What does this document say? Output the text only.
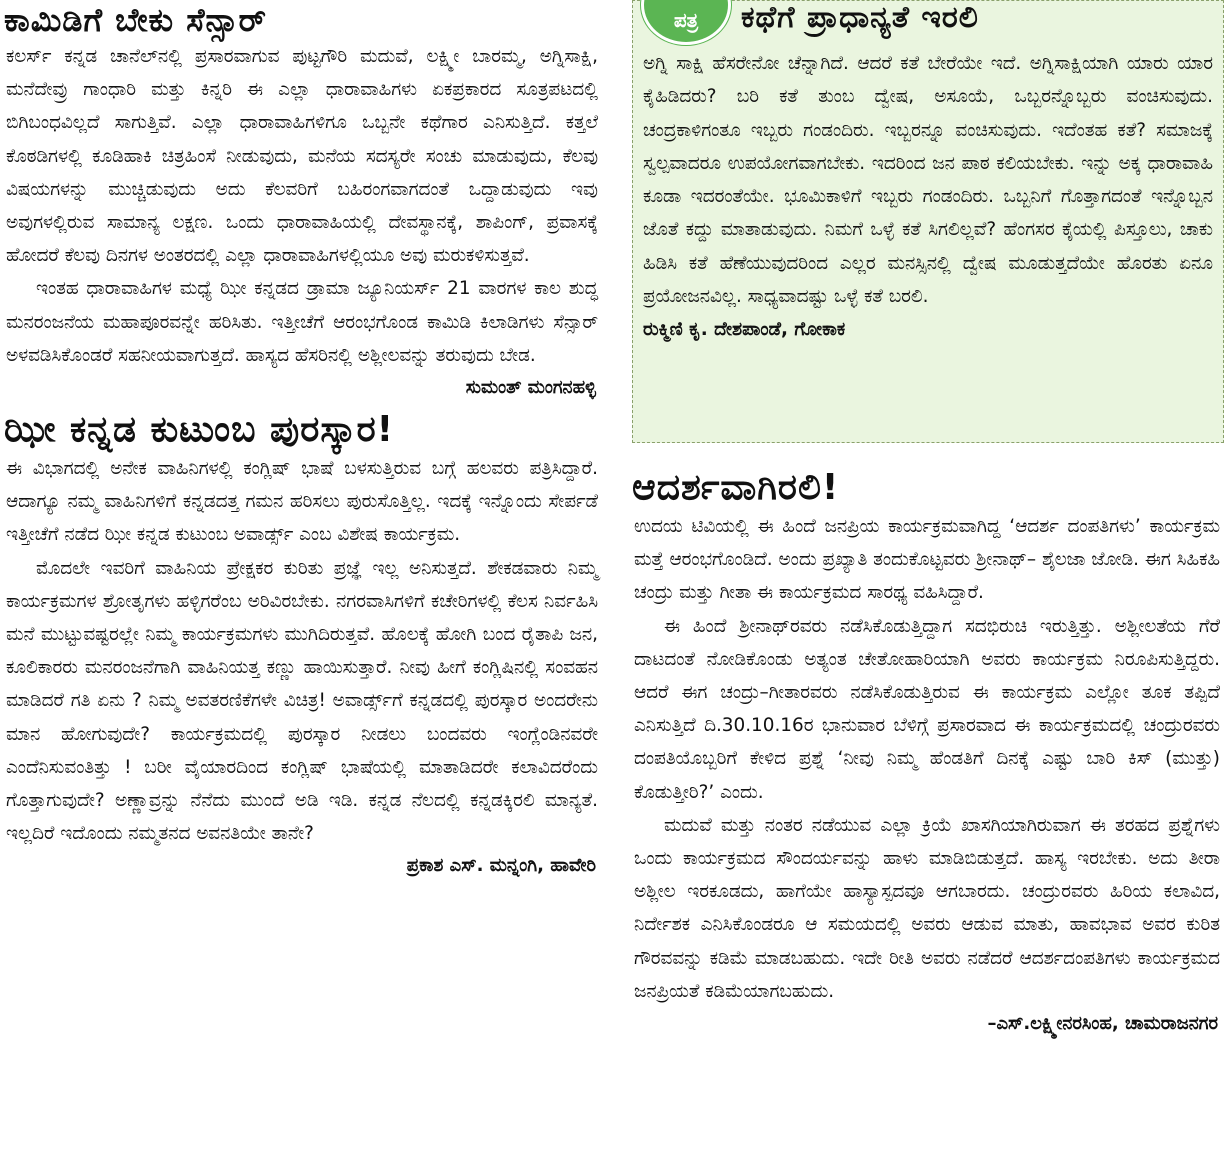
ಕಾಮಿಡಿಗೆ ಬೇಕು ಸೆನ್ಸಾರ್

ಕಲರ್ಸ್ ಕನ್ನಡ ಚಾನೆಲ್‌ನಲ್ಲಿ ಪ್ರಸಾರವಾಗುವ ಪುಟ್ಟಗೌರಿ ಮದುವೆ, ಲಕ್ಷ್ಮೀ ಬಾರಮ್ಮ, ಅಗ್ನಿಸಾಕ್ಷಿ, ಮನೆದೇವ್ರು ಗಾಂಧಾರಿ ಮತ್ತು ಕಿನ್ನರಿ ಈ ಎಲ್ಲಾ ಧಾರಾವಾಹಿಗಳು ಏಕಪ್ರಕಾರದ ಸೂತ್ರಪಟದಲ್ಲಿ ಬಿಗಿಬಂಧವಿಲ್ಲದೆ ಸಾಗುತ್ತಿವೆ. ಎಲ್ಲಾ ಧಾರಾವಾಹಿಗಳಿಗೂ ಒಬ್ಬನೇ ಕಥೆಗಾರ ಎನಿಸುತ್ತಿದೆ. ಕತ್ತಲೆ ಕೊಠಡಿಗಳಲ್ಲಿ ಕೂಡಿಹಾಕಿ ಚಿತ್ರಹಿಂಸೆ ನೀಡುವುದು, ಮನೆಯ ಸದಸ್ಯರೇ ಸಂಚು ಮಾಡುವುದು, ಕೆಲವು ವಿಷಯಗಳನ್ನು ಮುಚ್ಚಿಡುವುದು ಅದು ಕೆಲವರಿಗೆ ಬಹಿರಂಗವಾಗದಂತೆ ಒದ್ದಾಡುವುದು ಇವು ಅವುಗಳಲ್ಲಿರುವ ಸಾಮಾನ್ಯ ಲಕ್ಷಣ. ಒಂದು ಧಾರಾವಾಹಿಯಲ್ಲಿ ದೇವಸ್ಥಾನಕ್ಕೆ, ಶಾಪಿಂಗ್, ಪ್ರವಾಸಕ್ಕೆ ಹೋದರೆ ಕೆಲವು ದಿನಗಳ ಅಂತರದಲ್ಲಿ ಎಲ್ಲಾ ಧಾರಾವಾಹಿಗಳಲ್ಲಿಯೂ ಅವು ಮರುಕಳಿಸುತ್ತವೆ.

ಇಂತಹ ಧಾರಾವಾಹಿಗಳ ಮಧ್ಯೆ ಝೀ ಕನ್ನಡದ ಡ್ರಾಮಾ ಜ್ಯೂನಿಯರ್ಸ್ 21 ವಾರಗಳ ಕಾಲ ಶುದ್ಧ ಮನರಂಜನೆಯ ಮಹಾಪೂರವನ್ನೇ ಹರಿಸಿತು. ಇತ್ತೀಚೆಗೆ ಆರಂಭಗೊಂಡ ಕಾಮಿಡಿ ಕಿಲಾಡಿಗಳು ಸೆನ್ಸಾರ್ ಅಳವಡಿಸಿಕೊಂಡರೆ ಸಹನೀಯವಾಗುತ್ತದೆ. ಹಾಸ್ಯದ ಹೆಸರಿನಲ್ಲಿ ಅಶ್ಲೀಲವನ್ನು ತರುವುದು ಬೇಡ.

ಸುಮಂತ್ ಮಂಗನಹಳ್ಳಿ

ಝೀ ಕನ್ನಡ ಕುಟುಂಬ ಪುರಸ್ಕಾರ!

ಈ ವಿಭಾಗದಲ್ಲಿ ಅನೇಕ ವಾಹಿನಿಗಳಲ್ಲಿ ಕಂಗ್ಲಿಷ್ ಭಾಷೆ ಬಳಸುತ್ತಿರುವ ಬಗ್ಗೆ ಹಲವರು ಪತ್ರಿಸಿದ್ದಾರೆ. ಆದಾಗ್ಯೂ ನಮ್ಮ ವಾಹಿನಿಗಳಿಗೆ ಕನ್ನಡದತ್ತ ಗಮನ ಹರಿಸಲು ಪುರುಸೊತ್ತಿಲ್ಲ. ಇದಕ್ಕೆ ಇನ್ನೊಂದು ಸೇರ್ಪಡೆ ಇತ್ತೀಚೆಗೆ ನಡೆದ ಝೀ ಕನ್ನಡ ಕುಟುಂಬ ಅವಾರ್ಡ್ಸ್ ಎಂಬ ವಿಶೇಷ ಕಾರ್ಯಕ್ರಮ.

ಮೊದಲೇ ಇವರಿಗೆ ವಾಹಿನಿಯ ಪ್ರೇಕ್ಷಕರ ಕುರಿತು ಪ್ರಜ್ಞೆ ಇಲ್ಲ ಅನಿಸುತ್ತದೆ. ಶೇಕಡವಾರು ನಿಮ್ಮ ಕಾರ್ಯಕ್ರಮಗಳ ಶ್ರೋತೃಗಳು ಹಳ್ಳಿಗರೆಂಬ ಅರಿವಿರಬೇಕು. ನಗರವಾಸಿಗಳಿಗೆ ಕಚೇರಿಗಳಲ್ಲಿ ಕೆಲಸ ನಿರ್ವಹಿಸಿ ಮನೆ ಮುಟ್ಟುವಷ್ಟರಲ್ಲೇ ನಿಮ್ಮ ಕಾರ್ಯಕ್ರಮಗಳು ಮುಗಿದಿರುತ್ತವೆ. ಹೊಲಕ್ಕೆ ಹೋಗಿ ಬಂದ ರೈತಾಪಿ ಜನ, ಕೂಲಿಕಾರರು ಮನರಂಜನೆಗಾಗಿ ವಾಹಿನಿಯತ್ತ ಕಣ್ಣು ಹಾಯಿಸುತ್ತಾರೆ. ನೀವು ಹೀಗೆ ಕಂಗ್ಲಿಷಿನಲ್ಲಿ ಸಂವಹನ ಮಾಡಿದರೆ ಗತಿ ಏನು ? ನಿಮ್ಮ ಅವತರಣಿಕೆಗಳೇ ವಿಚಿತ್ರ! ಅವಾರ್ಡ್ಸ್‌ಗೆ ಕನ್ನಡದಲ್ಲಿ ಪುರಸ್ಕಾರ ಅಂದರೇನು ಮಾನ ಹೋಗುವುದೇ? ಕಾರ್ಯಕ್ರಮದಲ್ಲಿ ಪುರಸ್ಕಾರ ನೀಡಲು ಬಂದವರು ಇಂಗ್ಲೆಂಡಿನವರೇ ಎಂದೆನಿಸುವಂತಿತ್ತು ! ಬರೀ ವೈಯಾರದಿಂದ ಕಂಗ್ಲಿಷ್ ಭಾಷೆಯಲ್ಲಿ ಮಾತಾಡಿದರೇ ಕಲಾವಿದರೆಂದು ಗೊತ್ತಾಗುವುದೇ? ಅಣ್ಣಾವ್ರನ್ನು ನೆನೆದು ಮುಂದೆ ಅಡಿ ಇಡಿ. ಕನ್ನಡ ನೆಲದಲ್ಲಿ ಕನ್ನಡಕ್ಕಿರಲಿ ಮಾನ್ಯತೆ. ಇಲ್ಲದಿರೆ ಇದೊಂದು ನಮ್ಮತನದ ಅವನತಿಯೇ ತಾನೇ?

ಪ್ರಕಾಶ ಎಸ್. ಮನ್ನಂಗಿ, ಹಾವೇರಿ

ಪತ್ರ	ಕಥೆಗೆ ಪ್ರಾಧಾನ್ಯತೆ ಇರಲಿ

ಅಗ್ನಿ ಸಾಕ್ಷಿ ಹೆಸರೇನೋ ಚೆನ್ನಾಗಿದೆ. ಆದರೆ ಕತೆ ಬೇರೆಯೇ ಇದೆ. ಅಗ್ನಿಸಾಕ್ಷಿಯಾಗಿ ಯಾರು ಯಾರ ಕೈಹಿಡಿದರು? ಬರಿ ಕತೆ ತುಂಬ ದ್ವೇಷ, ಅಸೂಯೆ, ಒಬ್ಬರನ್ನೊಬ್ಬರು ವಂಚಿಸುವುದು. ಚಂದ್ರಕಾಳಿಗಂತೂ ಇಬ್ಬರು ಗಂಡಂದಿರು. ಇಬ್ಬರನ್ನೂ ವಂಚಿಸುವುದು. ಇದೆಂತಹ ಕತೆ? ಸಮಾಜಕ್ಕೆ ಸ್ವಲ್ಪವಾದರೂ ಉಪಯೋಗವಾಗಬೇಕು. ಇದರಿಂದ ಜನ ಪಾಠ ಕಲಿಯಬೇಕು. ಇನ್ನು ಅಕ್ಕ ಧಾರಾವಾಹಿ ಕೂಡಾ ಇದರಂತೆಯೇ. ಭೂಮಿಕಾಳಿಗೆ ಇಬ್ಬರು ಗಂಡಂದಿರು. ಒಬ್ಬನಿಗೆ ಗೊತ್ತಾಗದಂತೆ ಇನ್ನೊಬ್ಬನ ಜೊತೆ ಕದ್ದು ಮಾತಾಡುವುದು. ನಿಮಗೆ ಒಳ್ಳೆ ಕತೆ ಸಿಗಲಿಲ್ಲವೆ? ಹೆಂಗಸರ ಕೈಯಲ್ಲಿ ಪಿಸ್ತೂಲು, ಚಾಕು ಹಿಡಿಸಿ ಕತೆ ಹೆಣೆಯುವುದರಿಂದ ಎಲ್ಲರ ಮನಸ್ಸಿನಲ್ಲಿ ದ್ವೇಷ ಮೂಡುತ್ತದೆಯೇ ಹೊರತು ಏನೂ ಪ್ರಯೋಜನವಿಲ್ಲ. ಸಾಧ್ಯವಾದಷ್ಟು ಒಳ್ಳೆ ಕತೆ ಬರಲಿ.

ರುಕ್ಮಿಣಿ ಕೃ. ದೇಶಪಾಂಡೆ, ಗೋಕಾಕ

ಆದರ್ಶವಾಗಿರಲಿ!

ಉದಯ ಟಿವಿಯಲ್ಲಿ ಈ ಹಿಂದೆ ಜನಪ್ರಿಯ ಕಾರ್ಯಕ್ರಮವಾಗಿದ್ದ ‘ಆದರ್ಶ ದಂಪತಿಗಳು’ ಕಾರ್ಯಕ್ರಮ ಮತ್ತೆ ಆರಂಭಗೊಂಡಿದೆ. ಅಂದು ಪ್ರಖ್ಯಾತಿ ತಂದುಕೊಟ್ಟವರು ಶ್ರೀನಾಥ್– ಶೈಲಜಾ ಜೋಡಿ. ಈಗ ಸಿಹಿಕಹಿ ಚಂದ್ರು ಮತ್ತು ಗೀತಾ ಈ ಕಾರ್ಯಕ್ರಮದ ಸಾರಥ್ಯ ವಹಿಸಿದ್ದಾರೆ.

ಈ ಹಿಂದೆ ಶ್ರೀನಾಥ್‌ರವರು ನಡೆಸಿಕೊಡುತ್ತಿದ್ದಾಗ ಸದಭಿರುಚಿ ಇರುತ್ತಿತ್ತು. ಅಶ್ಲೀಲತೆಯ ಗೆರೆ ದಾಟದಂತೆ ನೋಡಿಕೊಂಡು ಅತ್ಯಂತ ಚೇತೋಹಾರಿಯಾಗಿ ಅವರು ಕಾರ್ಯಕ್ರಮ ನಿರೂಪಿಸುತ್ತಿದ್ದರು. ಆದರೆ ಈಗ ಚಂದ್ರು–ಗೀತಾರವರು ನಡೆಸಿಕೊಡುತ್ತಿರುವ ಈ ಕಾರ್ಯಕ್ರಮ ಎಲ್ಲೋ ತೂಕ ತಪ್ಪಿದೆ ಎನಿಸುತ್ತಿದೆ ದಿ.30.10.16ರ ಭಾನುವಾರ ಬೆಳಿಗ್ಗೆ ಪ್ರಸಾರವಾದ ಈ ಕಾರ್ಯಕ್ರಮದಲ್ಲಿ ಚಂದ್ರುರವರು ದಂಪತಿಯೊಬ್ಬರಿಗೆ ಕೇಳಿದ ಪ್ರಶ್ನೆ ‘ನೀವು ನಿಮ್ಮ ಹೆಂಡತಿಗೆ ದಿನಕ್ಕೆ ಎಷ್ಟು ಬಾರಿ ಕಿಸ್ (ಮುತ್ತು) ಕೊಡುತ್ತೀರಿ?’ ಎಂದು.

ಮದುವೆ ಮತ್ತು ನಂತರ ನಡೆಯುವ ಎಲ್ಲಾ ಕ್ರಿಯೆ ಖಾಸಗಿಯಾಗಿರುವಾಗ ಈ ತರಹದ ಪ್ರಶ್ನೆಗಳು ಒಂದು ಕಾರ್ಯಕ್ರಮದ ಸೌಂದರ್ಯವನ್ನು ಹಾಳು ಮಾಡಿಬಿಡುತ್ತದೆ. ಹಾಸ್ಯ ಇರಬೇಕು. ಅದು ತೀರಾ ಅಶ್ಲೀಲ ಇರಕೂಡದು, ಹಾಗೆಯೇ ಹಾಸ್ಯಾಸ್ಪದವೂ ಆಗಬಾರದು. ಚಂದ್ರುರವರು ಹಿರಿಯ ಕಲಾವಿದ, ನಿರ್ದೇಶಕ ಎನಿಸಿಕೊಂಡರೂ ಆ ಸಮಯದಲ್ಲಿ ಅವರು ಆಡುವ ಮಾತು, ಹಾವಭಾವ ಅವರ ಕುರಿತ ಗೌರವವನ್ನು ಕಡಿಮೆ ಮಾಡಬಹುದು. ಇದೇ ರೀತಿ ಅವರು ನಡೆದರೆ ಆದರ್ಶದಂಪತಿಗಳು ಕಾರ್ಯಕ್ರಮದ ಜನಪ್ರಿಯತೆ ಕಡಿಮೆಯಾಗಬಹುದು.

–ಎಸ್.ಲಕ್ಷ್ಮೀನರಸಿಂಹ, ಚಾಮರಾಜನಗರ
